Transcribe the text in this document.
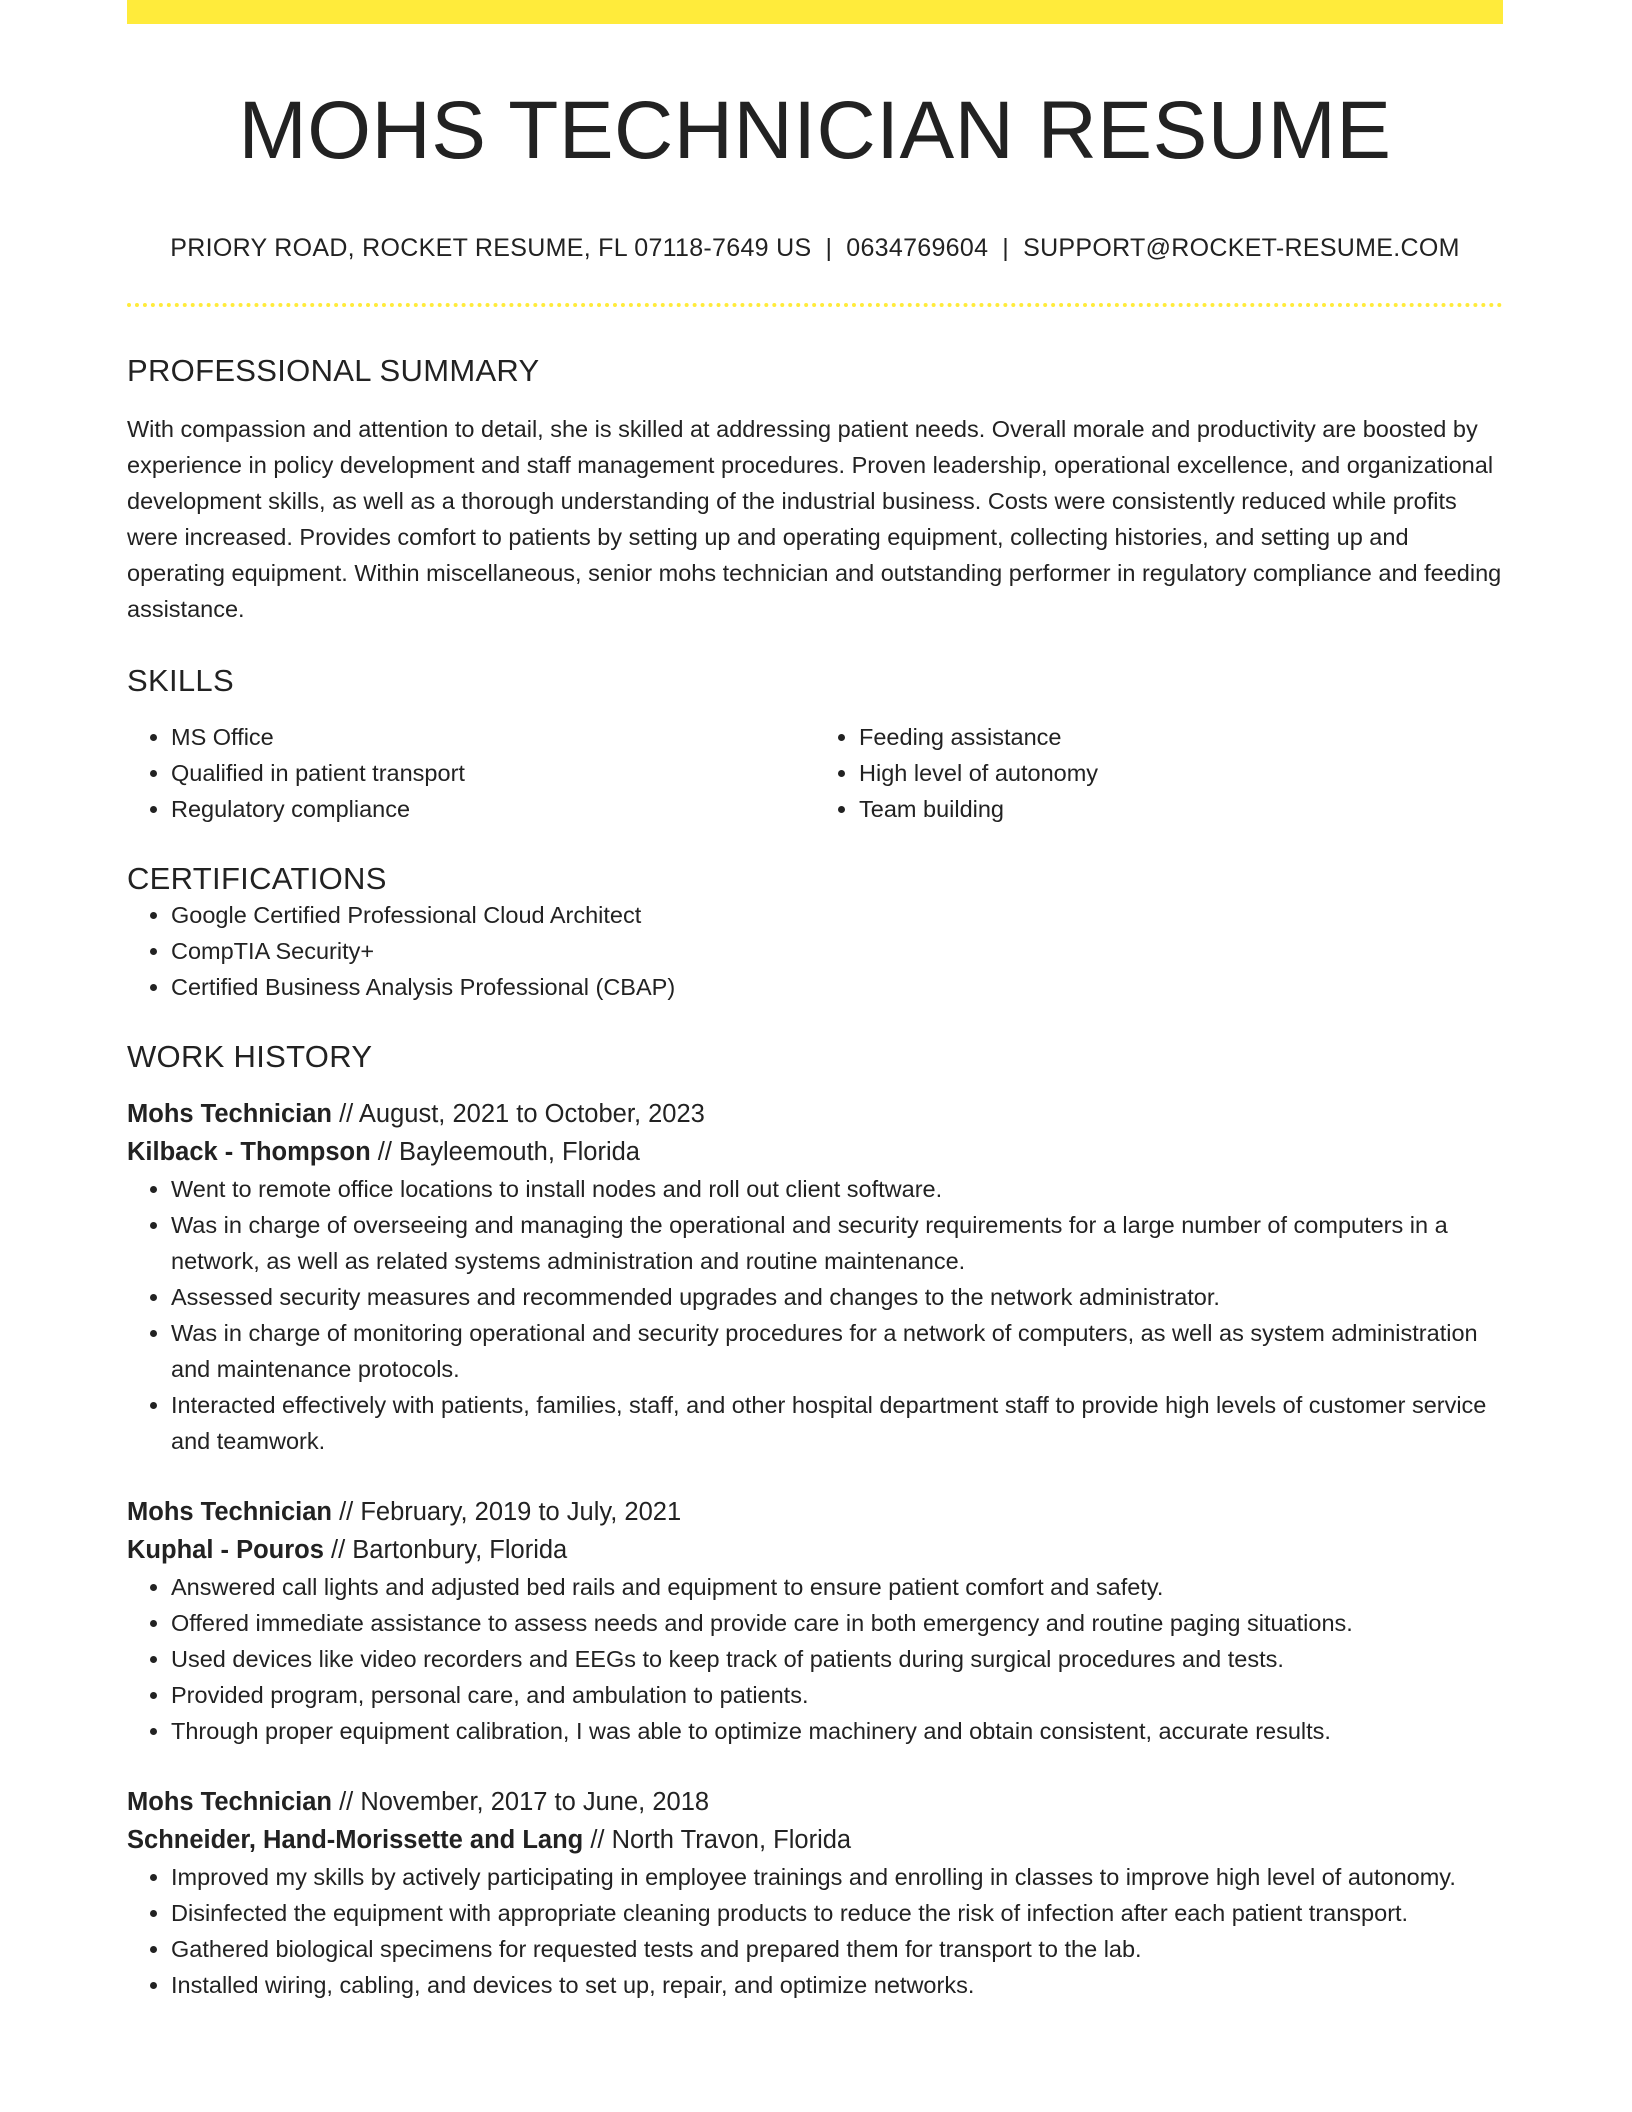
MOHS TECHNICIAN RESUME
PRIORY ROAD, ROCKET RESUME, FL 07118-7649 US | 0634769604 | SUPPORT@ROCKET-RESUME.COM
PROFESSIONAL SUMMARY

With compassion and attention to detail, she is skilled at addressing patient needs. Overall morale and productivity are boosted by experience in policy development and staff management procedures. Proven leadership, operational excellence, and organizational development skills, as well as a thorough understanding of the industrial business. Costs were consistently reduced while profits were increased. Provides comfort to patients by setting up and operating equipment, collecting histories, and setting up and operating equipment. Within miscellaneous, senior mohs technician and outstanding performer in regulatory compliance and feeding assistance.

SKILLS
• MS Office
• Qualified in patient transport
• Regulatory compliance
• Feeding assistance
• High level of autonomy
• Team building
CERTIFICATIONS
• Google Certified Professional Cloud Architect
• CompTIA Security+
• Certified Business Analysis Professional (CBAP)
WORK HISTORY
Mohs Technician // August, 2021 to October, 2023
Kilback - Thompson // Bayleemouth, Florida
• Went to remote office locations to install nodes and roll out client software.
• Was in charge of overseeing and managing the operational and security requirements for a large number of computers in a network, as well as related systems administration and routine maintenance.
• Assessed security measures and recommended upgrades and changes to the network administrator.
• Was in charge of monitoring operational and security procedures for a network of computers, as well as system administration and maintenance protocols.
• Interacted effectively with patients, families, staff, and other hospital department staff to provide high levels of customer service and teamwork.
Mohs Technician // February, 2019 to July, 2021
Kuphal - Pouros // Bartonbury, Florida
• Answered call lights and adjusted bed rails and equipment to ensure patient comfort and safety.
• Offered immediate assistance to assess needs and provide care in both emergency and routine paging situations.
• Used devices like video recorders and EEGs to keep track of patients during surgical procedures and tests.
• Provided program, personal care, and ambulation to patients.
• Through proper equipment calibration, I was able to optimize machinery and obtain consistent, accurate results.
Mohs Technician // November, 2017 to June, 2018
Schneider, Hand-Morissette and Lang // North Travon, Florida
• Improved my skills by actively participating in employee trainings and enrolling in classes to improve high level of autonomy.
• Disinfected the equipment with appropriate cleaning products to reduce the risk of infection after each patient transport.
• Gathered biological specimens for requested tests and prepared them for transport to the lab.
• Installed wiring, cabling, and devices to set up, repair, and optimize networks.
